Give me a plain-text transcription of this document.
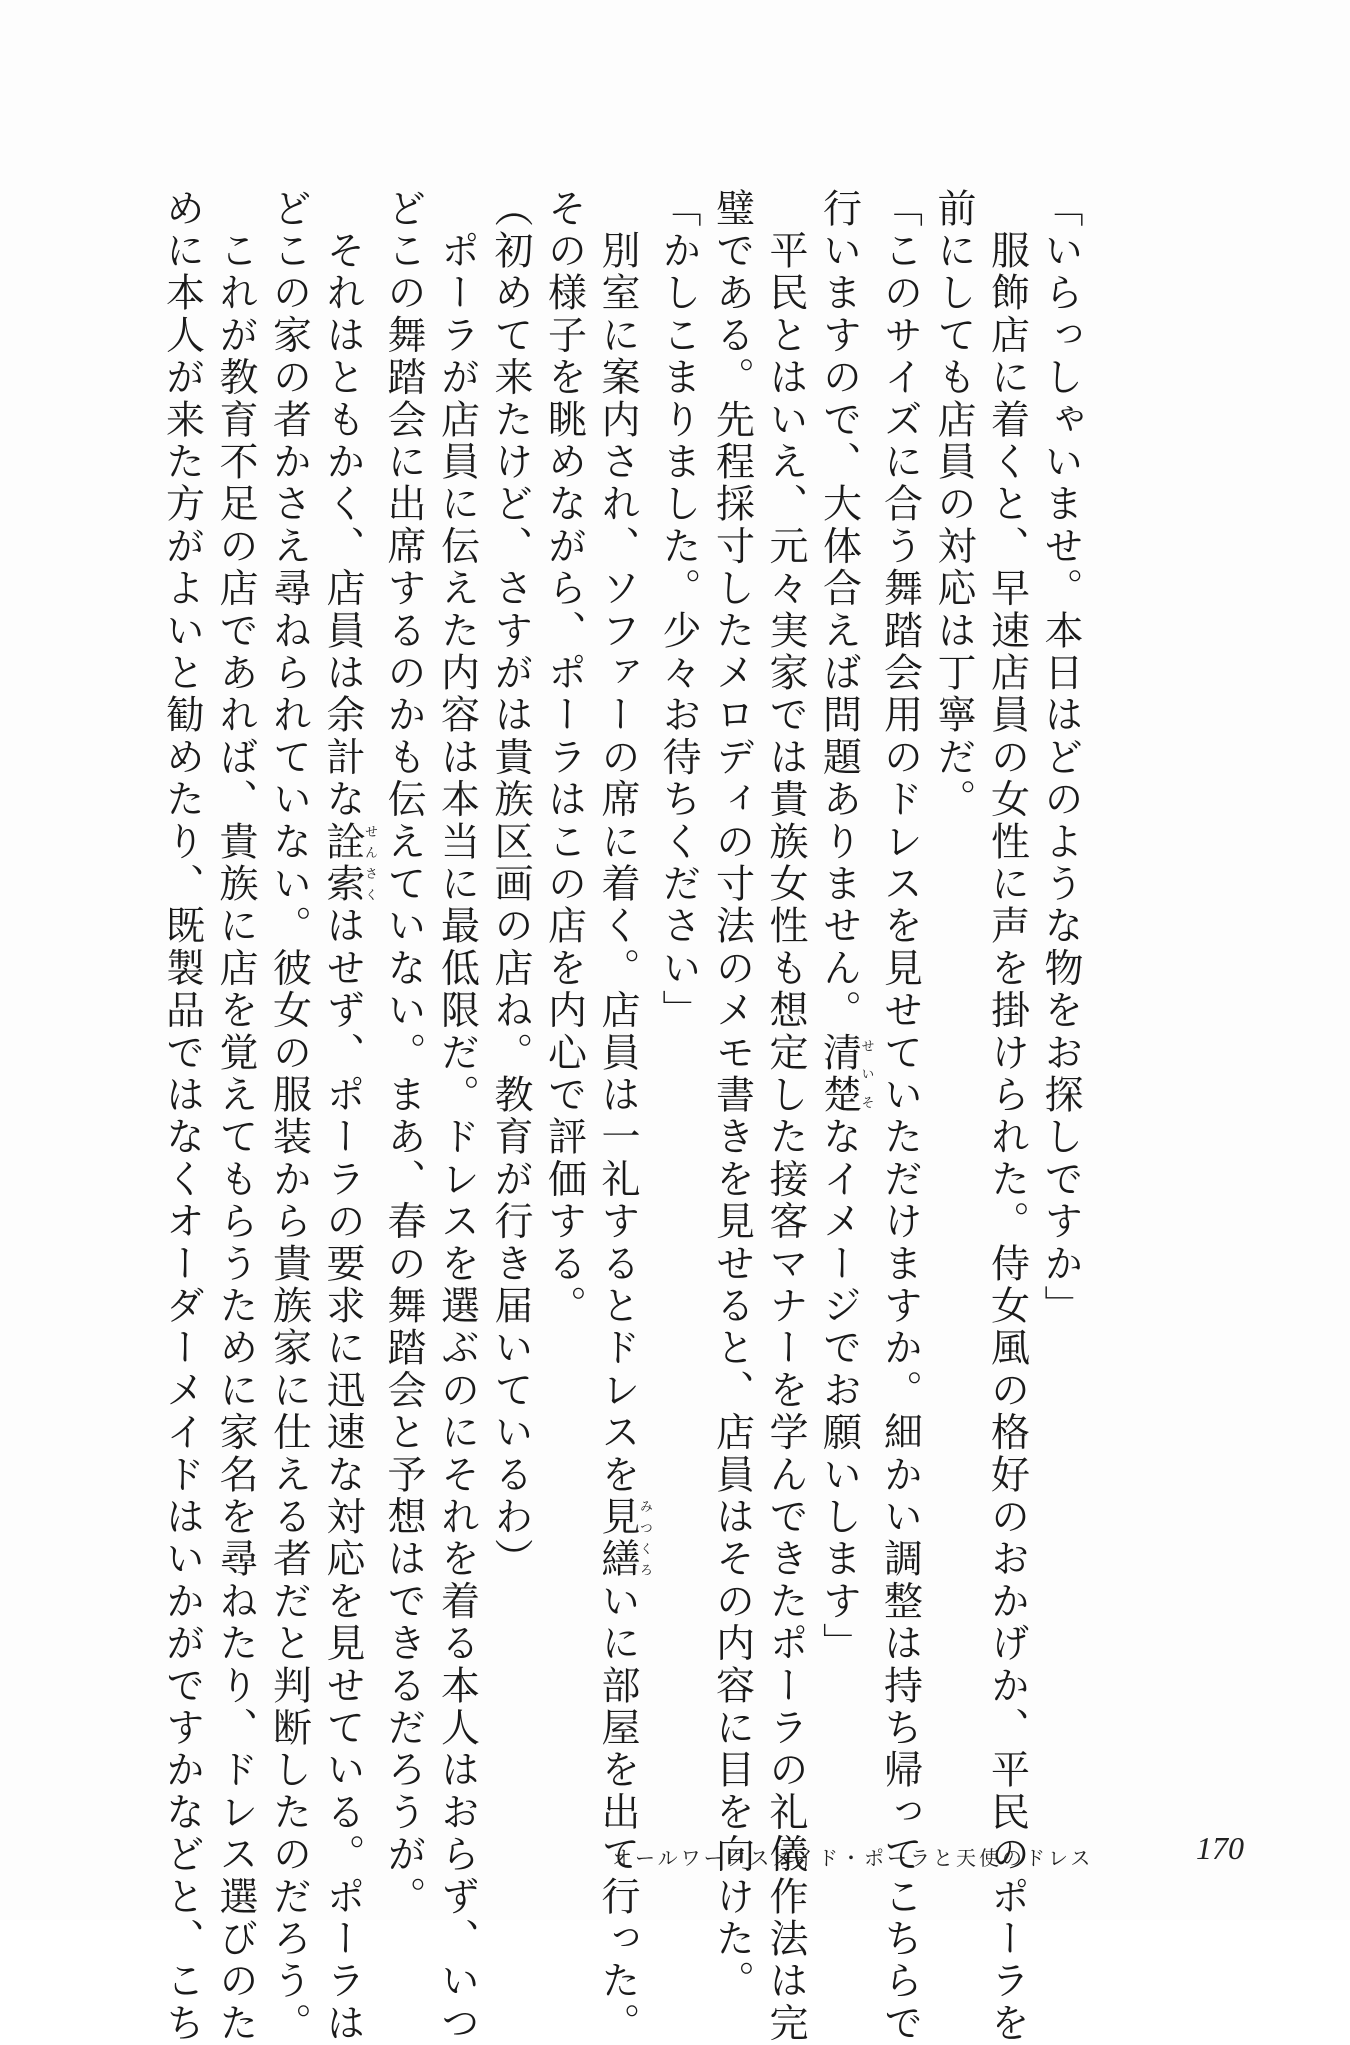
「いらっしゃいませ。本日はどのような物をお探しですか」
　服飾店に着くと、早速店員の女性に声を掛けられた。侍女風の格好のおかげか、平民のポーラを
前にしても店員の対応は丁寧だ。
「このサイズに合う舞踏会用のドレスを見せていただけますか。細かい調整は持ち帰ってこちらで
行いますので、大体合えば問題ありません。清楚せいそなイメージでお願いします」
　平民とはいえ、元々実家では貴族女性も想定した接客マナーを学んできたポーラの礼儀作法は完
璧である。先程採寸したメロディの寸法のメモ書きを見せると、店員はその内容に目を向けた。
「かしこまりました。少々お待ちください」
　別室に案内され、ソファーの席に着く。店員は一礼するとドレスを見繕みつくろいに部屋を出て行った。
その様子を眺めながら、ポーラはこの店を内心で評価する。
（初めて来たけど、さすがは貴族区画の店ね。教育が行き届いているわ）
　ポーラが店員に伝えた内容は本当に最低限だ。ドレスを選ぶのにそれを着る本人はおらず、いつ
どこの舞踏会に出席するのかも伝えていない。まあ、春の舞踏会と予想はできるだろうが。
　それはともかく、店員は余計な詮索せんさくはせず、ポーラの要求に迅速な対応を見せている。ポーラは
どこの家の者かさえ尋ねられていない。彼女の服装から貴族家に仕える者だと判断したのだろう。
　これが教育不足の店であれば、貴族に店を覚えてもらうために家名を尋ねたり、ドレス選びのた
めに本人が来た方がよいと勧めたり、既製品ではなくオーダーメイドはいかがですかなどと、こち	オールワークスメイド・ポーラと天使のドレス	170
